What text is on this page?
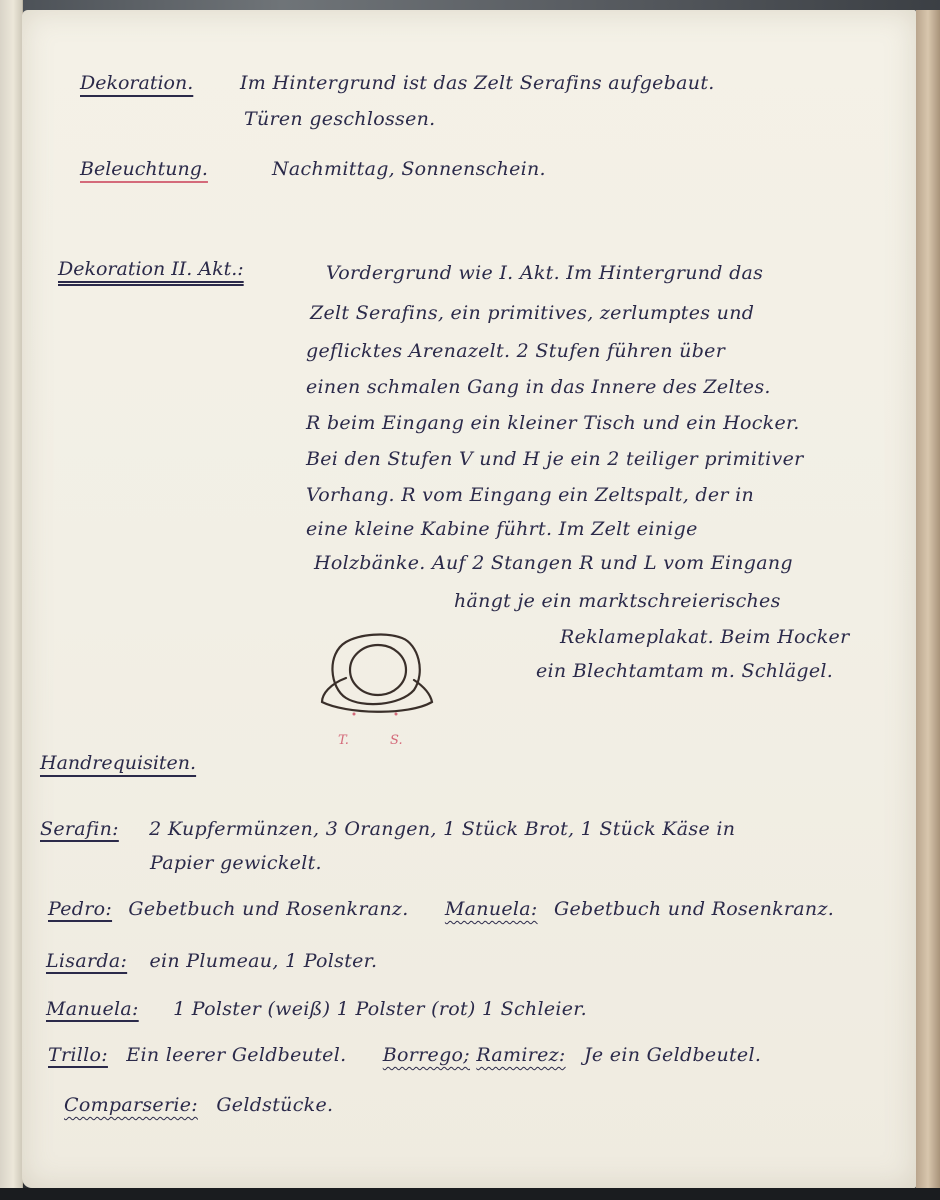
Dekoration. Im Hintergrund ist das Zelt Serafins aufgebaut.
Türen geschlossen.
Beleuchtung.	Nachmittag, Sonnenschein.
Dekoration II. Akt.:	Vordergrund wie I. Akt. Im Hintergrund das
Zelt Serafins, ein primitives, zerlumptes und
geflicktes Arenazelt. 2 Stufen führen über
einen schmalen Gang in das Innere des Zeltes.
R beim Eingang ein kleiner Tisch und ein Hocker.
Bei den Stufen V und H je ein 2 teiliger primitiver
Vorhang. R vom Eingang ein Zeltspalt, der in
eine kleine Kabine führt. Im Zelt einige
Holzbänke. Auf 2 Stangen R und L vom Eingang
hängt je ein marktschreierisches
Reklameplakat. Beim Hocker
ein Blechtamtam m. Schlägel.
T.	S.
Handrequisiten.
Serafin: 2 Kupfermünzen, 3 Orangen, 1 Stück Brot, 1 Stück Käse in
Papier gewickelt.
Pedro: Gebetbuch und Rosenkranz. Manuela: Gebetbuch und Rosenkranz.
Lisarda: ein Plumeau, 1 Polster.
Manuela: 1 Polster (weiß) 1 Polster (rot) 1 Schleier.
Trillo: Ein leerer Geldbeutel. Borrego; Ramirez: Je ein Geldbeutel.
Comparserie: Geldstücke.
